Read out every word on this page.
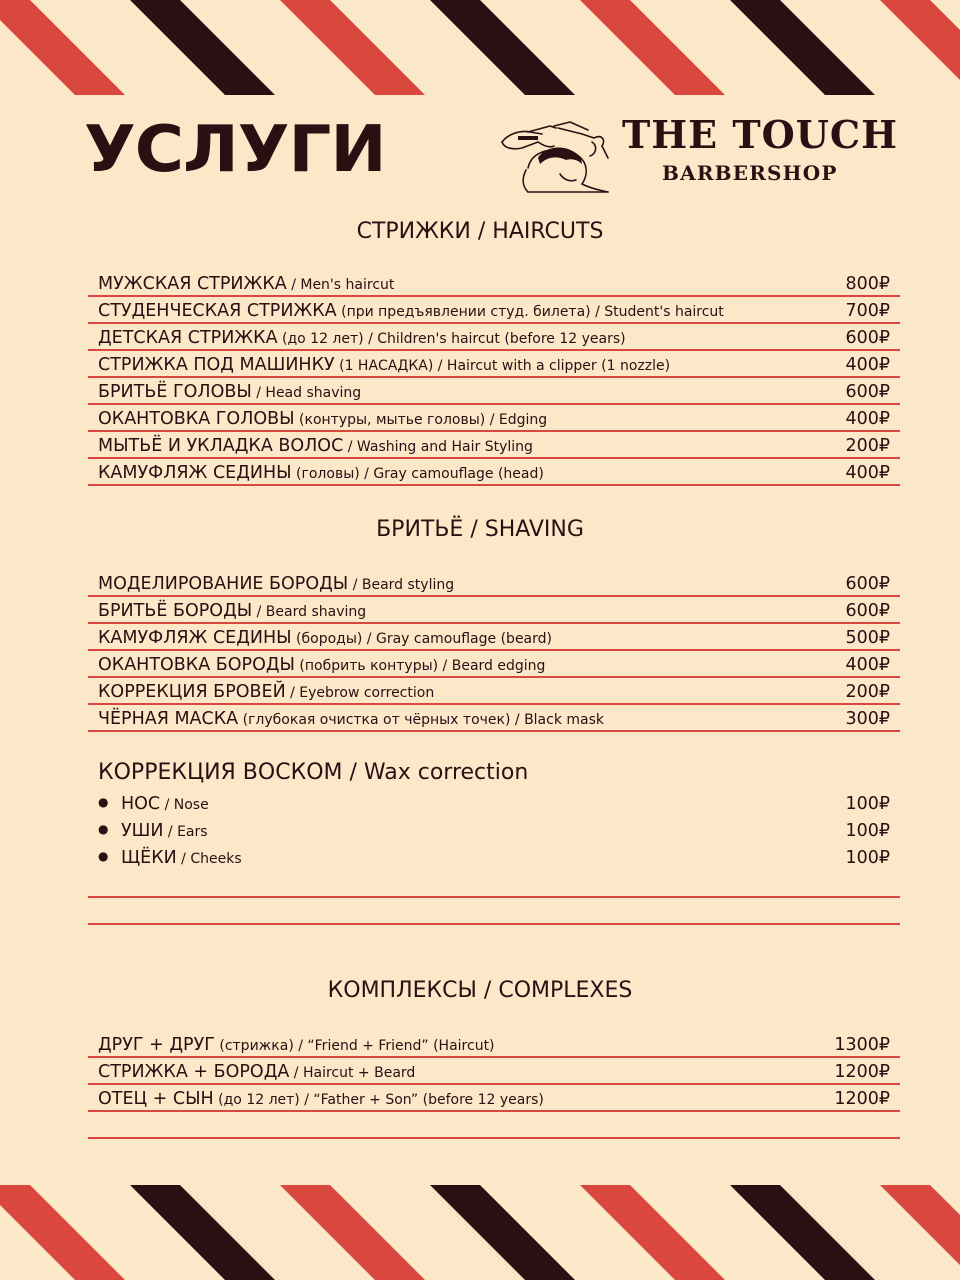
УСЛУГИ	THE TOUCH
BARBERSHOP
СТРИЖКИ / HAIRCUTS
МУЖСКАЯ СТРИЖКА / Men's haircut	800₽
СТУДЕНЧЕСКАЯ СТРИЖКА (при предъявлении студ. билета) / Student's haircut	700₽
ДЕТСКАЯ СТРИЖКА (до 12 лет) / Children's haircut (before 12 years)	600₽
СТРИЖКА ПОД МАШИНКУ (1 НАСАДКА) / Haircut with a clipper (1 nozzle)	400₽
БРИТЬЁ ГОЛОВЫ / Head shaving	600₽
ОКАНТОВКА ГОЛОВЫ (контуры, мытье головы) / Edging	400₽
МЫТЬЁ И УКЛАДКА ВОЛОС / Washing and Hair Styling	200₽
КАМУФЛЯЖ СЕДИНЫ (головы) / Gray camouflage (head)	400₽
БРИТЬЁ / SHAVING
МОДЕЛИРОВАНИЕ БОРОДЫ / Beard styling	600₽
БРИТЬЁ БОРОДЫ / Beard shaving	600₽
КАМУФЛЯЖ СЕДИНЫ (бороды) / Gray camouflage (beard)	500₽
ОКАНТОВКА БОРОДЫ (побрить контуры) / Beard edging	400₽
КОРРЕКЦИЯ БРОВЕЙ / Eyebrow correction	200₽
ЧЁРНАЯ МАСКА (глубокая очистка от чёрных точек) / Black mask	300₽
КОРРЕКЦИЯ ВОСКОМ / Wax correction
● НОС / Nose	100₽
● УШИ / Ears	100₽
● ЩЁКИ / Cheeks	100₽
КОМПЛЕКСЫ / COMPLEXES
ДРУГ + ДРУГ (стрижка) / “Friend + Friend” (Haircut)	1300₽
СТРИЖКА + БОРОДА / Haircut + Beard	1200₽
ОТЕЦ + СЫН (до 12 лет) / “Father + Son” (before 12 years)	1200₽
